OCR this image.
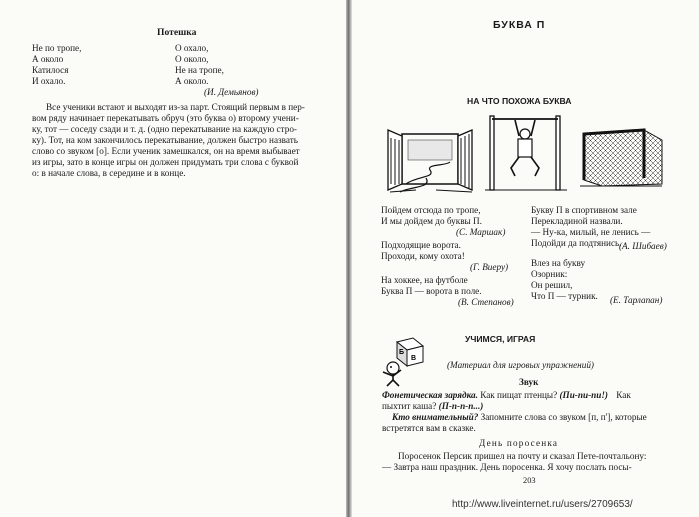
Потешка
Не по тропе,
А около
Катилося
И охало.
О охало,
О около,
Не на тропе,
А около.
(И. Демьянов)
Все ученики встают и выходят из-за парт. Стоящий первым в пер-
вом ряду начинает перекатывать обруч (это буква о) второму учени-
ку, тот — соседу сзади и т. д. (одно перекатывание на каждую стро-
ку). Тот, на ком закончилось перекатывание, должен быстро назвать
слово со звуком [о]. Если ученик замешкался, он на время выбывает
из игры, зато в конце игры он должен придумать три слова с буквой
о: в начале слова, в середине и в конце.
БУКВА П
НА ЧТО ПОХОЖА БУКВА
Пойдем отсюда по тропе,
И мы дойдем до буквы П.
(С. Маршак)
Подходящие ворота.
Проходи, кому охота!
(Г. Виеру)
На хоккее, на футболе
Буква П — ворота в поле.
(В. Степанов)
Букву П в спортивном зале
Перекладиной назвали.
— Ну-ка, милый, не ленись —
Подойди да подтянись.
(А. Шибаев)
Влез на букву
Озорник:
Он решил,
Что П — турник. (Е. Тарлапан)
УЧИМСЯ, ИГРАЯ
Б
В
(Материал для игровых упражнений)
Звук
Фонетическая зарядка. Как пищат птенцы? (Пи-пи-пи!) Как
пыхтит каша? (П-п-п-п...)
Кто внимательный? Запомните слова со звуком [п, п'], которые
встретятся вам в сказке.
День поросенка
Поросенок Персик пришел на почту и сказал Пете-почтальону:
— Завтра наш праздник. День поросенка. Я хочу послать посы-
203
http://www.liveinternet.ru/users/2709653/
